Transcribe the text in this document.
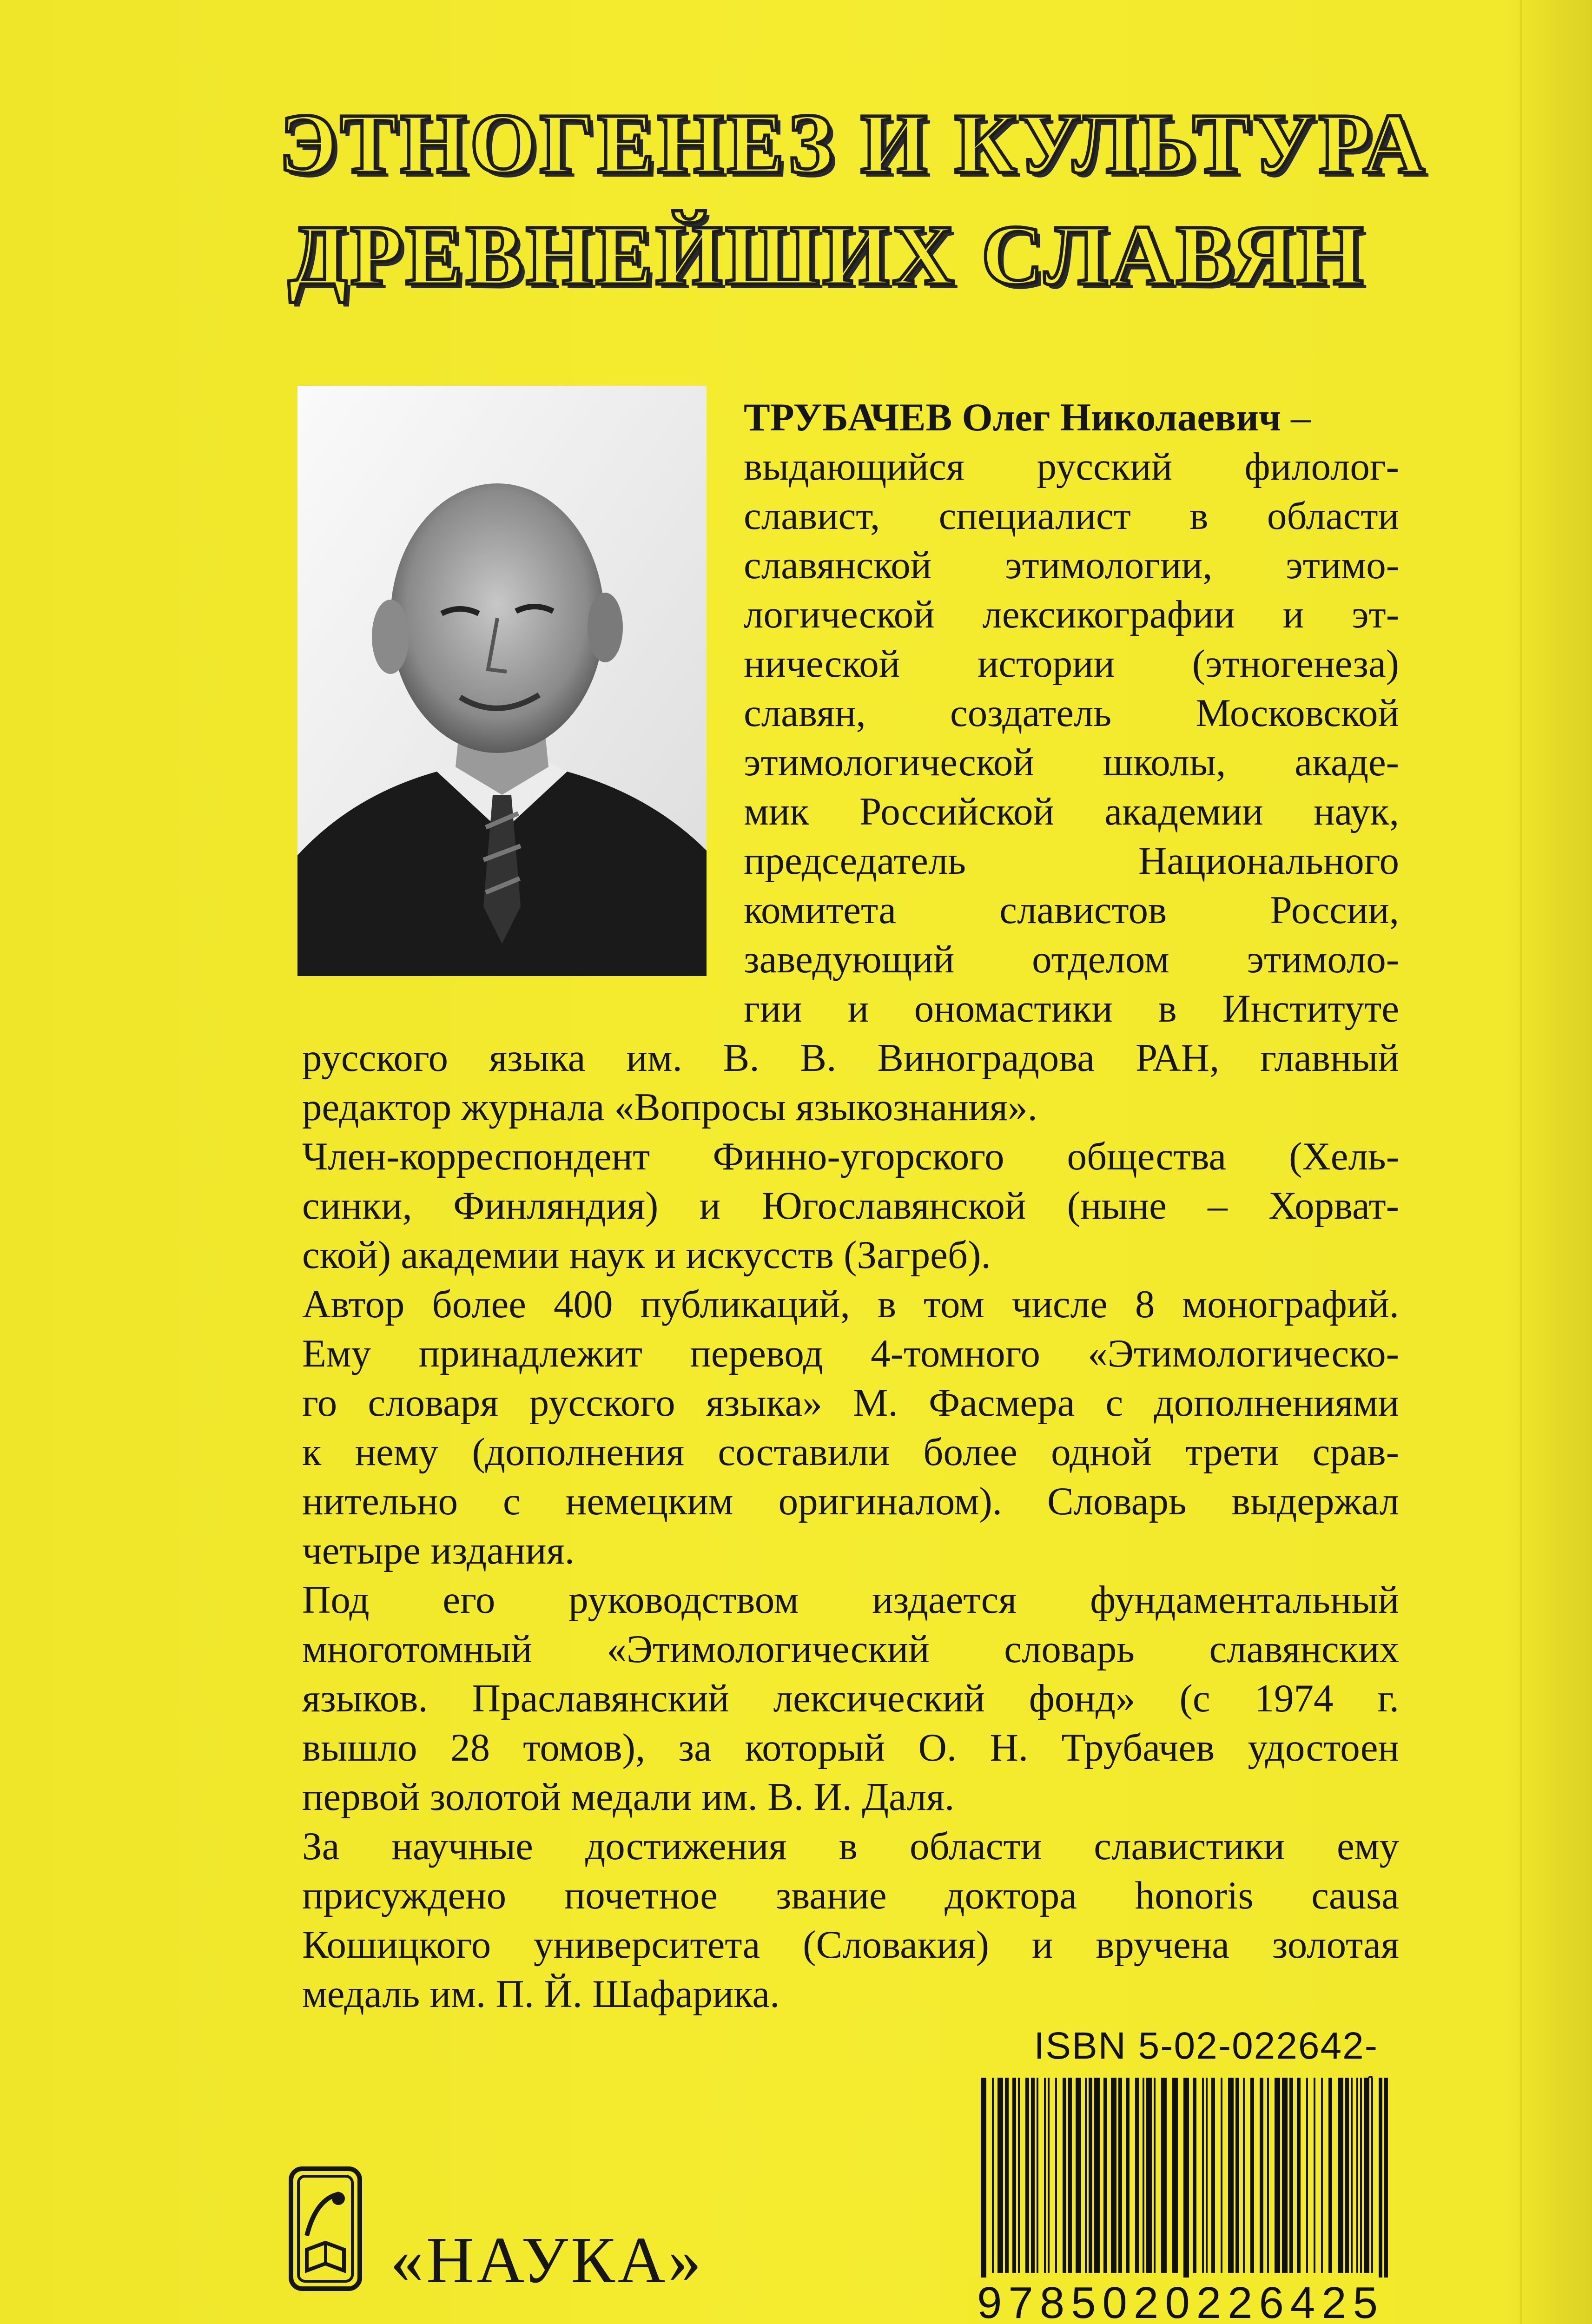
ЭТНОГЕНЕЗ И КУЛЬТУРА
ДРЕВНЕЙШИХ СЛАВЯН
ТРУБАЧЕВ Олег Николаевич –
выдающийся русский филолог-
славист, специалист в области
славянской этимологии, этимо-
логической лексикографии и эт-
нической истории (этногенеза)
славян, создатель Московской
этимологической школы, акаде-
мик Российской академии наук,
председатель Национального
комитета славистов России,
заведующий отделом этимоло-
гии и ономастики в Институте
русского языка им. В. В. Виноградова РАН, главный
редактор журнала «Вопросы языкознания».
Член-корреспондент Финно-угорского общества (Хель-
синки, Финляндия) и Югославянской (ныне – Хорват-
ской) академии наук и искусств (Загреб).
Автор более 400 публикаций, в том числе 8 монографий.
Ему принадлежит перевод 4-томного «Этимологическо-
го словаря русского языка» М. Фасмера с дополнениями
к нему (дополнения составили более одной трети срав-
нительно с немецким оригиналом). Словарь выдержал
четыре издания.
Под его руководством издается фундаментальный
многотомный «Этимологический словарь славянских
языков. Праславянский лексический фонд» (с 1974 г.
вышло 28 томов), за который О. Н. Трубачев удостоен
первой золотой медали им. В. И. Даля.
За научные достижения в области славистики ему
присуждено почетное звание доктора honoris causa
Кошицкого университета (Словакия) и вручена золотая
медаль им. П. Й. Шафарика.
ISBN 5-02-022642-
9785020226425
«НАУКА»
